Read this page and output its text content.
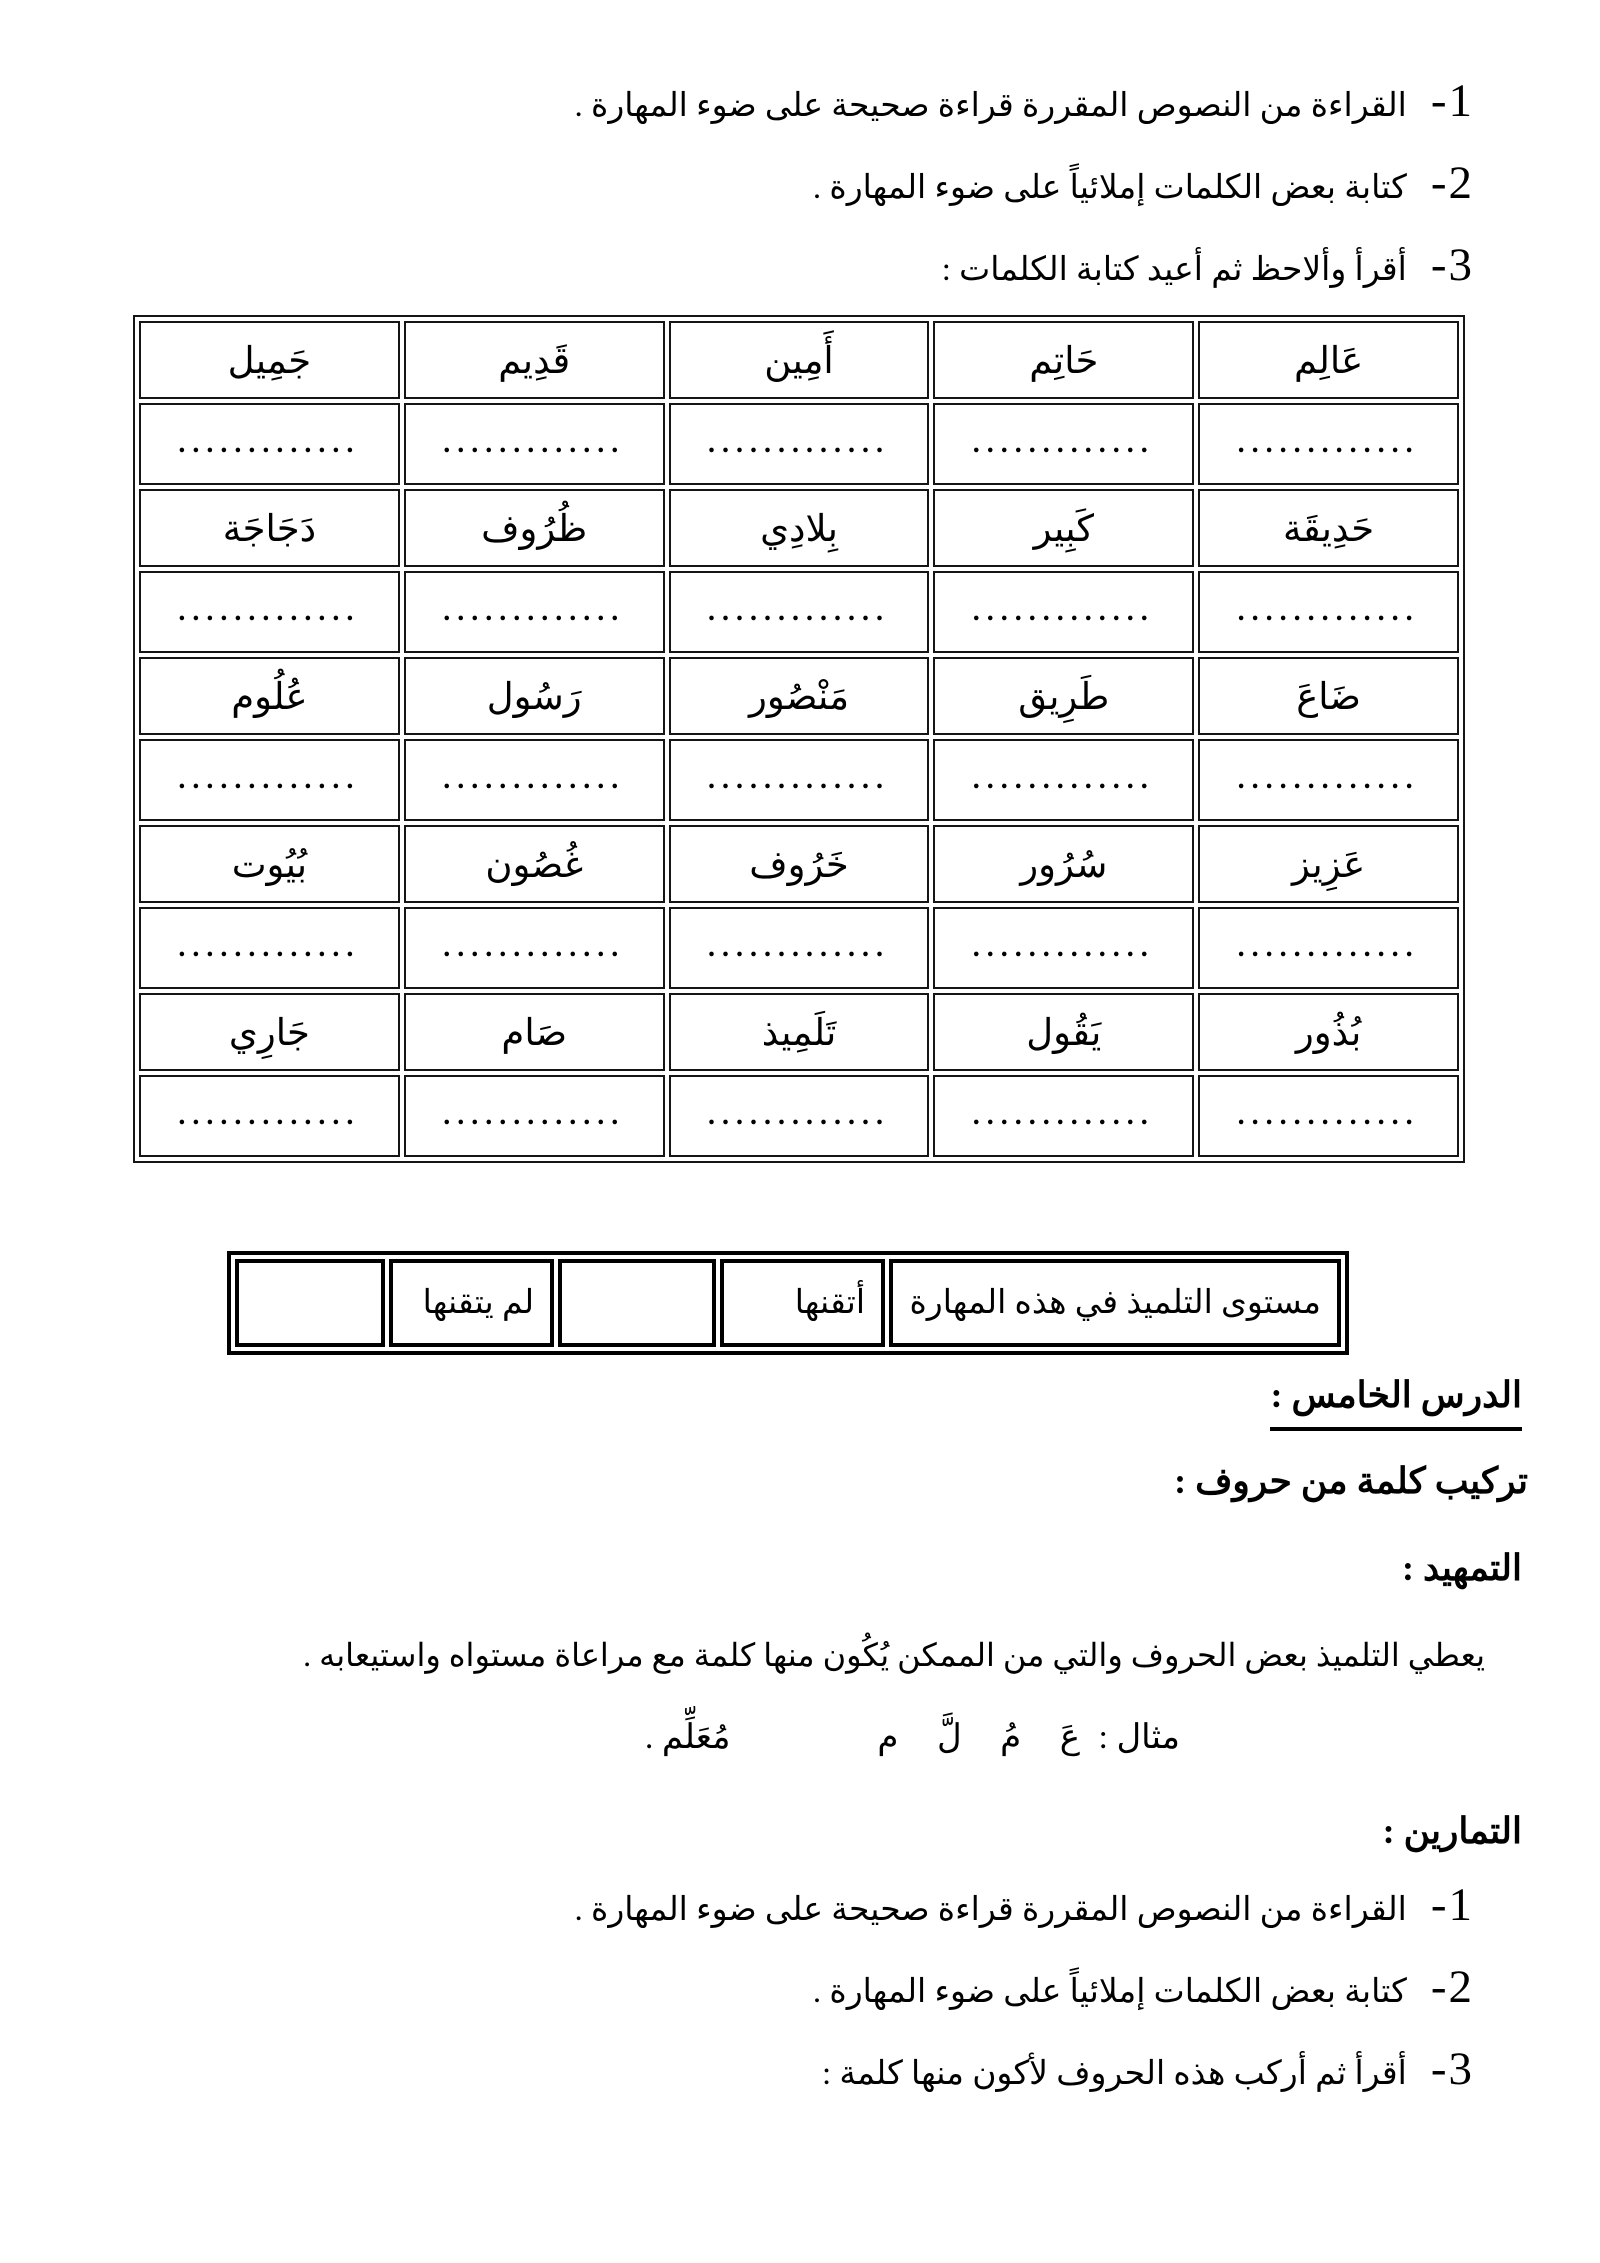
1-
القراءة من النصوص المقررة قراءة صحيحة على ضوء المهارة .
2-
كتابة بعض الكلمات إملائياً على ضوء المهارة .
3-
أقرأ وألاحظ ثم أعيد كتابة الكلمات :
عَالِم	حَاتِم	أَمِين	قَدِيم	جَمِيل
.............	.............	.............	.............	.............
حَدِيقَة	كَبِير	بِلادِي	ظُرُوف	دَجَاجَة
.............	.............	.............	.............	.............
ضَاعَ	طَرِيق	مَنْصُور	رَسُول	عُلُوم
.............	.............	.............	.............	.............
عَزِيز	سُرُور	خَرُوف	غُصُون	بُيُوت
.............	.............	.............	.............	.............
بُذُور	يَقُول	تَلَمِيذ	صَام	جَارِي
.............	.............	.............	.............	.............
مستوى التلميذ في هذه المهارة	أتقنها		لم يتقنها	
الدرس الخامس :
تركيب كلمة من حروف :
التمهيد :
يعطي التلميذ بعض الحروف والتي من الممكن يُكُون منها كلمة مع مراعاة مستواه واستيعابه .
مثال : عَ مُ لَّ م  مُعَلِّم .
التمارين :
1-
القراءة من النصوص المقررة قراءة صحيحة على ضوء المهارة .
2-
كتابة بعض الكلمات إملائياً على ضوء المهارة .
3-
أقرأ ثم أركب هذه الحروف لأكون منها كلمة :
